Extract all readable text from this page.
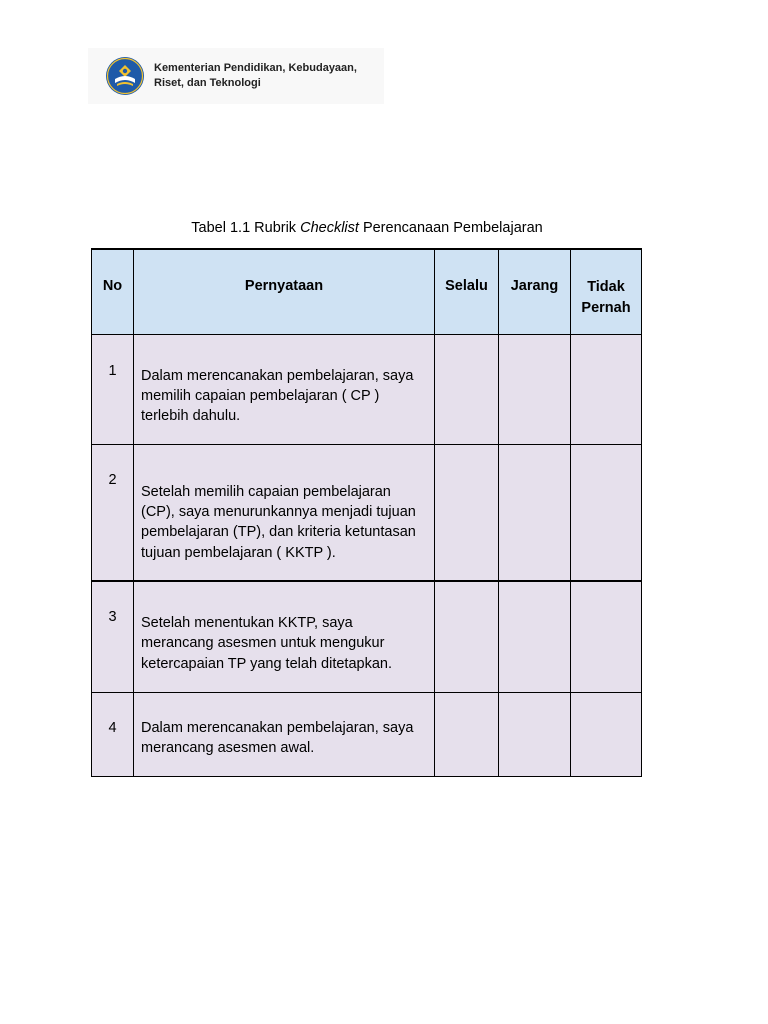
Kementerian Pendidikan, Kebudayaan,
Riset, dan Teknologi
Tabel 1.1 Rubrik Checklist Perencanaan Pembelajaran
No	Pernyataan	Selalu	Jarang	Tidak
Pernah

1	Dalam merencanakan pembelajaran, saya
memilih capaian pembelajaran ( CP )
terlebih dahulu.			

2	Setelah memilih capaian pembelajaran
(CP), saya menurunkannya menjadi tujuan
pembelajaran (TP), dan kriteria ketuntasan
tujuan pembelajaran ( KKTP ).			

3	Setelah menentukan KKTP, saya
merancang asesmen untuk mengukur
ketercapaian TP yang telah ditetapkan.			

4	Dalam merencanakan pembelajaran, saya
merancang asesmen awal.			
